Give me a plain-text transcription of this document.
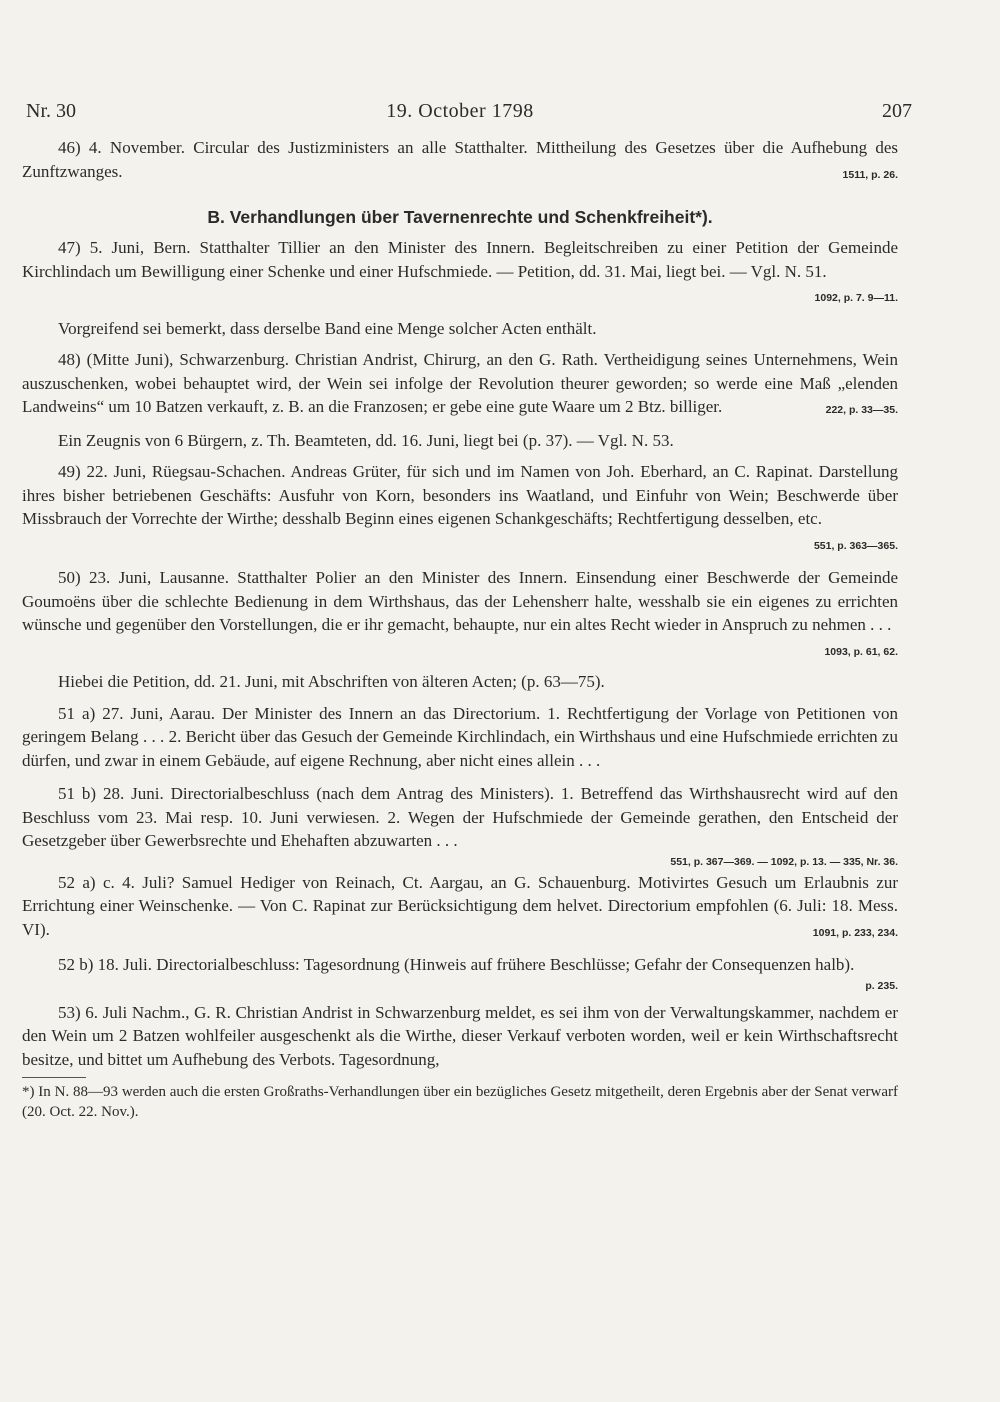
Nr. 30	19. October 1798	207

46) 4. November. Circular des Justizministers an alle Statthalter. Mittheilung des Gesetzes über die Aufhebung des Zunftzwanges.	1511, p. 26.

B. Verhandlungen über Tavernenrechte und Schenkfreiheit*).

47) 5. Juni, Bern. Statthalter Tillier an den Minister des Innern. Begleitschreiben zu einer Petition der Gemeinde Kirchlindach um Bewilligung einer Schenke und einer Hufschmiede. — Petition, dd. 31. Mai, liegt bei. — Vgl. N. 51.
1092, p. 7. 9—11.

Vorgreifend sei bemerkt, dass derselbe Band eine Menge solcher Acten enthält.

48) (Mitte Juni), Schwarzenburg. Christian Andrist, Chirurg, an den G. Rath. Vertheidigung seines Unternehmens, Wein auszuschenken, wobei behauptet wird, der Wein sei infolge der Revolution theurer geworden; so werde eine Maß „elenden Landweins“ um 10 Batzen verkauft, z. B. an die Franzosen; er gebe eine gute Waare um 2 Btz. billiger.	222, p. 33—35.

Ein Zeugnis von 6 Bürgern, z. Th. Beamteten, dd. 16. Juni, liegt bei (p. 37). — Vgl. N. 53.

49) 22. Juni, Rüegsau-Schachen. Andreas Grüter, für sich und im Namen von Joh. Eberhard, an C. Rapinat. Darstellung ihres bisher betriebenen Geschäfts: Ausfuhr von Korn, besonders ins Waatland, und Einfuhr von Wein; Beschwerde über Missbrauch der Vorrechte der Wirthe; desshalb Beginn eines eigenen Schankgeschäfts; Rechtfertigung desselben, etc.
551, p. 363—365.

50) 23. Juni, Lausanne. Statthalter Polier an den Minister des Innern. Einsendung einer Beschwerde der Gemeinde Goumoëns über die schlechte Bedienung in dem Wirthshaus, das der Lehensherr halte, wesshalb sie ein eigenes zu errichten wünsche und gegenüber den Vorstellungen, die er ihr gemacht, behaupte, nur ein altes Recht wieder in Anspruch zu nehmen . . .
1093, p. 61, 62.

Hiebei die Petition, dd. 21. Juni, mit Abschriften von älteren Acten; (p. 63—75).

51 a) 27. Juni, Aarau. Der Minister des Innern an das Directorium. 1. Rechtfertigung der Vorlage von Petitionen von geringem Belang . . . 2. Bericht über das Gesuch der Gemeinde Kirchlindach, ein Wirthshaus und eine Hufschmiede errichten zu dürfen, und zwar in einem Gebäude, auf eigene Rechnung, aber nicht eines allein . . .

51 b) 28. Juni. Directorialbeschluss (nach dem Antrag des Ministers). 1. Betreffend das Wirthshausrecht wird auf den Beschluss vom 23. Mai resp. 10. Juni verwiesen. 2. Wegen der Hufschmiede der Gemeinde gerathen, den Entscheid der Gesetzgeber über Gewerbsrechte und Ehehaften abzuwarten . . .

551, p. 367—369. — 1092, p. 13. — 335, Nr. 36.

52 a) c. 4. Juli? Samuel Hediger von Reinach, Ct. Aargau, an G. Schauenburg. Motivirtes Gesuch um Erlaubnis zur Errichtung einer Weinschenke. — Von C. Rapinat zur Berücksichtigung dem helvet. Directorium empfohlen (6. Juli: 18. Mess. VI).	1091, p. 233, 234.

52 b) 18. Juli. Directorialbeschluss: Tagesordnung (Hinweis auf frühere Beschlüsse; Gefahr der Consequenzen halb).

p. 235.

53) 6. Juli Nachm., G. R. Christian Andrist in Schwarzenburg meldet, es sei ihm von der Verwaltungskammer, nachdem er den Wein um 2 Batzen wohlfeiler ausgeschenkt als die Wirthe, dieser Verkauf verboten worden, weil er kein Wirthschaftsrecht besitze, und bittet um Aufhebung des Verbots. Tagesordnung,

*) In N. 88—93 werden auch die ersten Großraths-Verhandlungen über ein bezügliches Gesetz mitgetheilt, deren Ergebnis aber der Senat verwarf (20. Oct. 22. Nov.).
